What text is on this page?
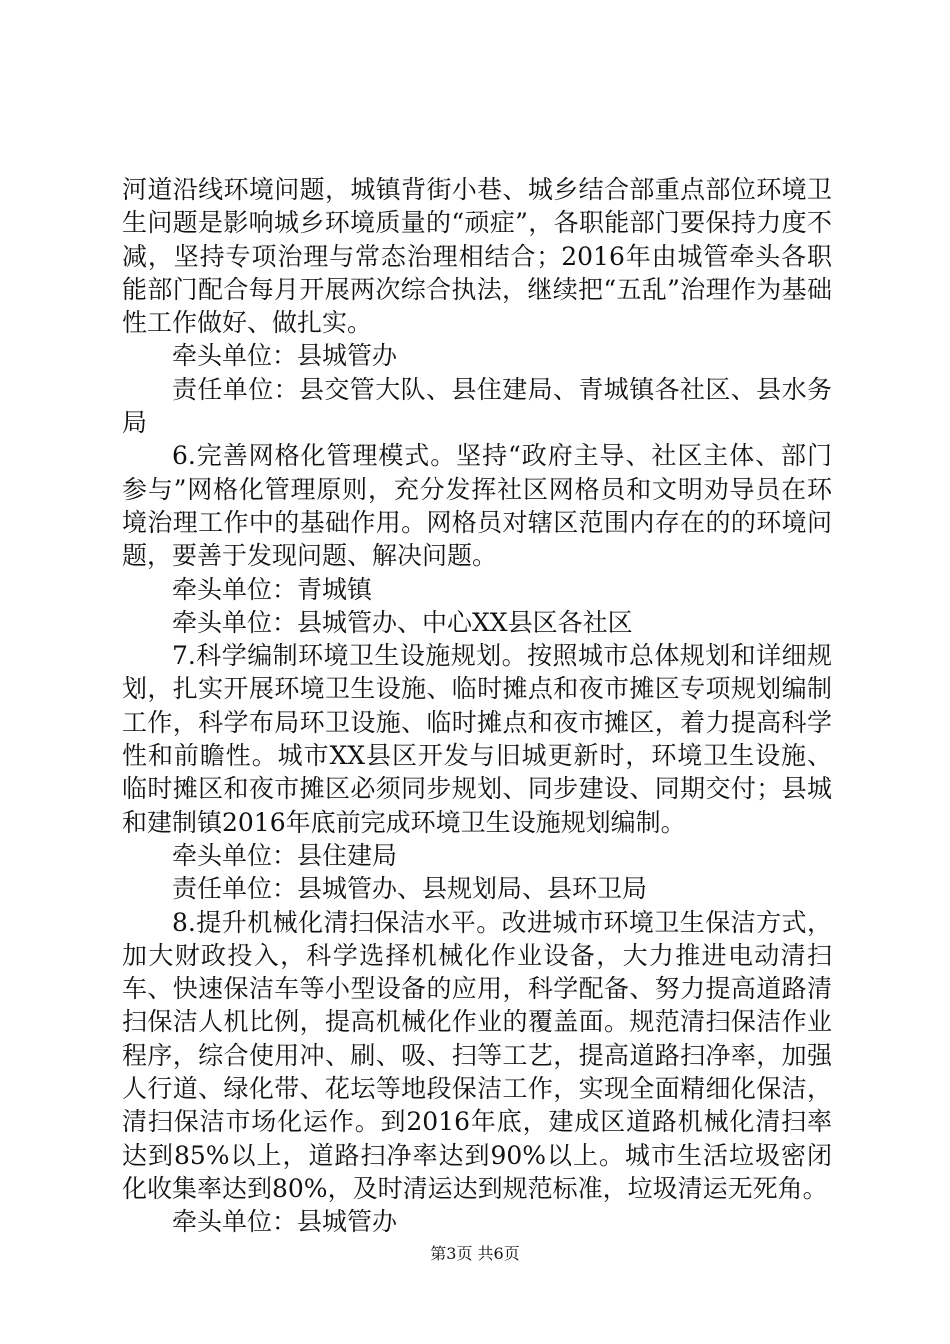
河道沿线环境问题，城镇背街小巷、城乡结合部重点部位环境卫生问题是影响城乡环境质量的“顽症”，各职能部门要保持力度不减，坚持专项治理与常态治理相结合；2016年由城管牵头各职能部门配合每月开展两次综合执法，继续把“五乱”治理作为基础性工作做好、做扎实。

牵头单位：县城管办

责任单位：县交管大队、县住建局、青城镇各社区、县水务局

6.完善网格化管理模式。坚持“政府主导、社区主体、部门参与”网格化管理原则，充分发挥社区网格员和文明劝导员在环境治理工作中的基础作用。网格员对辖区范围内存在的的环境问题，要善于发现问题、解决问题。

牵头单位：青城镇

牵头单位：县城管办、中心XX县区各社区

7.科学编制环境卫生设施规划。按照城市总体规划和详细规划，扎实开展环境卫生设施、临时摊点和夜市摊区专项规划编制工作，科学布局环卫设施、临时摊点和夜市摊区，着力提高科学性和前瞻性。城市XX县区开发与旧城更新时，环境卫生设施、临时摊区和夜市摊区必须同步规划、同步建设、同期交付；县城和建制镇2016年底前完成环境卫生设施规划编制。

牵头单位：县住建局

责任单位：县城管办、县规划局、县环卫局

8.提升机械化清扫保洁水平。改进城市环境卫生保洁方式，加大财政投入，科学选择机械化作业设备，大力推进电动清扫车、快速保洁车等小型设备的应用，科学配备、努力提高道路清扫保洁人机比例，提高机械化作业的覆盖面。规范清扫保洁作业程序，综合使用冲、刷、吸、扫等工艺，提高道路扫净率，加强人行道、绿化带、花坛等地段保洁工作，实现全面精细化保洁，清扫保洁市场化运作。到2016年底，建成区道路机械化清扫率达到85%以上，道路扫净率达到90%以上。城市生活垃圾密闭化收集率达到80%，及时清运达到规范标准，垃圾清运无死角。

牵头单位：县城管办

第3页 共6页
